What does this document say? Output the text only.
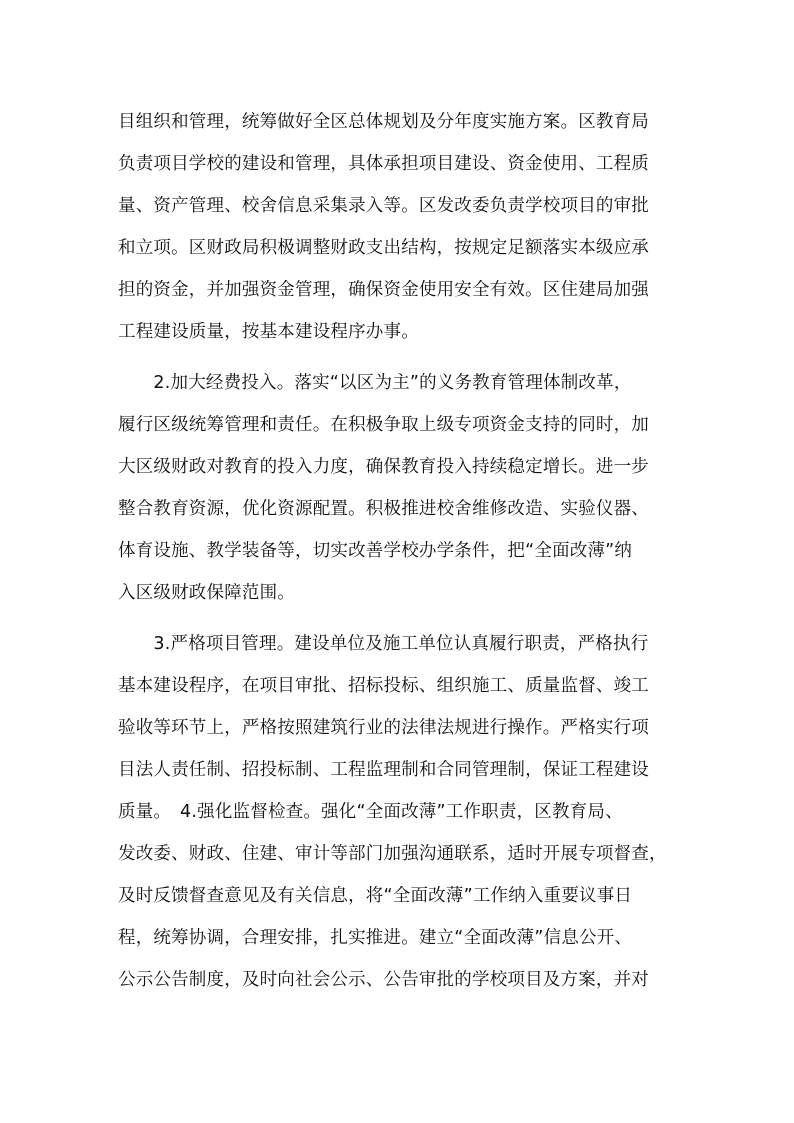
目组织和管理，统筹做好全区总体规划及分年度实施方案。区教育局
负责项目学校的建设和管理，具体承担项目建设、资金使用、工程质
量、资产管理、校舍信息采集录入等。区发改委负责学校项目的审批
和立项。区财政局积极调整财政支出结构，按规定足额落实本级应承
担的资金，并加强资金管理，确保资金使用安全有效。区住建局加强
工程建设质量，按基本建设程序办事。
　　2.加大经费投入。落实“以区为主”的义务教育管理体制改革，
履行区级统筹管理和责任。在积极争取上级专项资金支持的同时，加
大区级财政对教育的投入力度，确保教育投入持续稳定增长。进一步
整合教育资源，优化资源配置。积极推进校舍维修改造、实验仪器、
体育设施、教学装备等，切实改善学校办学条件，把“全面改薄”纳
入区级财政保障范围。
　　3.严格项目管理。建设单位及施工单位认真履行职责，严格执行
基本建设程序，在项目审批、招标投标、组织施工、质量监督、竣工
验收等环节上，严格按照建筑行业的法律法规进行操作。严格实行项
目法人责任制、招投标制、工程监理制和合同管理制，保证工程建设
质量。　4.强化监督检查。强化“全面改薄”工作职责，区教育局、
发改委、财政、住建、审计等部门加强沟通联系，适时开展专项督查，
及时反馈督查意见及有关信息，将“全面改薄”工作纳入重要议事日
程，统筹协调，合理安排，扎实推进。建立“全面改薄”信息公开、
公示公告制度，及时向社会公示、公告审批的学校项目及方案，并对
